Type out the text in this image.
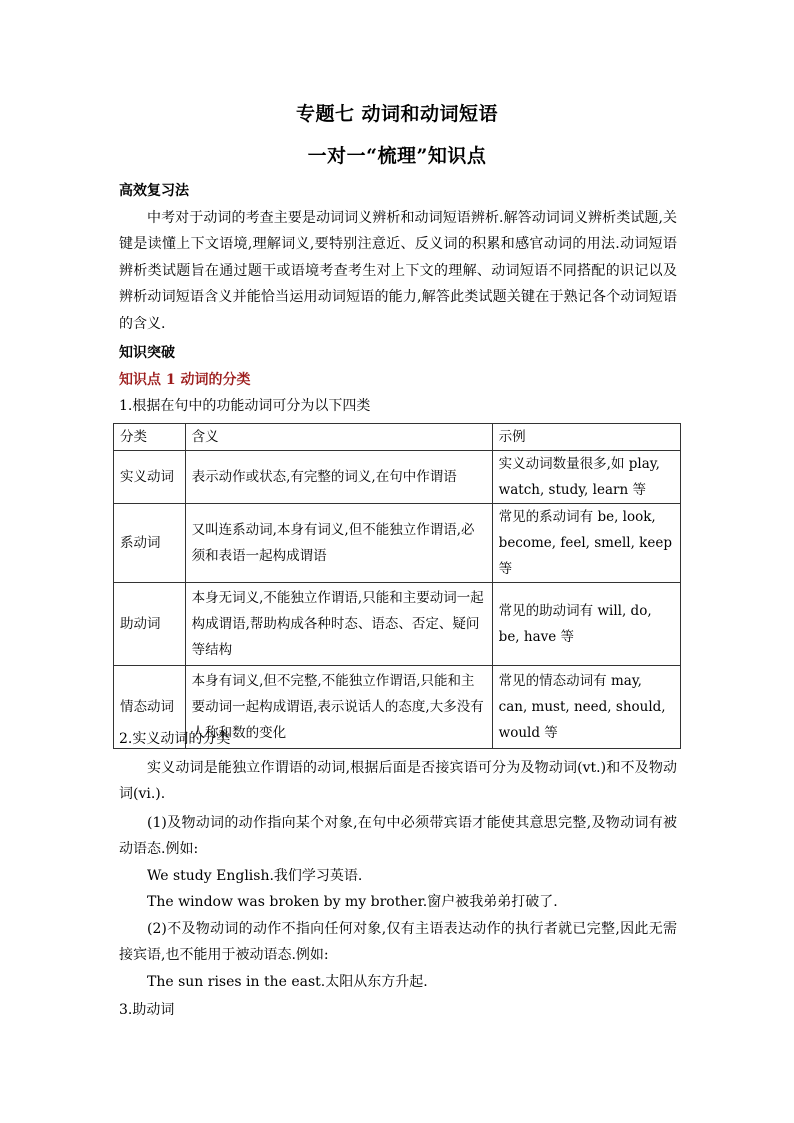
专题七 动词和动词短语
一对一“梳理”知识点
高效复习法
中考对于动词的考查主要是动词词义辨析和动词短语辨析.解答动词词义辨析类试题,关键是读懂上下文语境,理解词义,要特别注意近、反义词的积累和感官动词的用法.动词短语辨析类试题旨在通过题干或语境考查考生对上下文的理解、动词短语不同搭配的识记以及辨析动词短语含义并能恰当运用动词短语的能力,解答此类试题关键在于熟记各个动词短语的含义.
知识突破
知识点 1 动词的分类
1.根据在句中的功能动词可分为以下四类
分类	含义	示例
实义动词	表示动作或状态,有完整的词义,在句中作谓语	实义动词数量很多,如 play, watch, study, learn 等
系动词	又叫连系动词,本身有词义,但不能独立作谓语,必须和表语一起构成谓语	常见的系动词有 be, look, become, feel, smell, keep 等
助动词	本身无词义,不能独立作谓语,只能和主要动词一起构成谓语,帮助构成各种时态、语态、否定、疑问等结构	常见的助动词有 will, do, be, have 等
情态动词	本身有词义,但不完整,不能独立作谓语,只能和主要动词一起构成谓语,表示说话人的态度,大多没有人称和数的变化	常见的情态动词有 may, can, must, need, should, would 等
2.实义动词的分类
实义动词是能独立作谓语的动词,根据后面是否接宾语可分为及物动词(vt.)和不及物动词(vi.).
(1)及物动词的动作指向某个对象,在句中必须带宾语才能使其意思完整,及物动词有被动语态.例如:
We study English.我们学习英语.
The window was broken by my brother.窗户被我弟弟打破了.
(2)不及物动词的动作不指向任何对象,仅有主语表达动作的执行者就已完整,因此无需接宾语,也不能用于被动语态.例如:
The sun rises in the east.太阳从东方升起.
3.助动词
